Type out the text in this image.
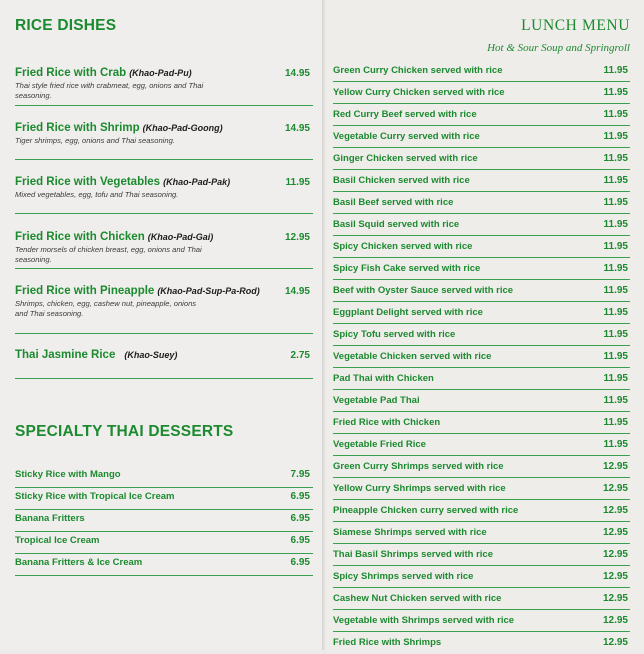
RICE DISHES
Fried Rice with Crab (Khao-Pad-Pu)
Thai style fried rice with crabmeat, egg, onions and Thai seasoning.
14.95
Fried Rice with Shrimp (Khao-Pad-Goong)
Tiger shrimps, egg, onions and Thai seasoning.
14.95
Fried Rice with Vegetables (Khao-Pad-Pak)
Mixed vegetables, egg, tofu and Thai seasoning.
11.95
Fried Rice with Chicken (Khao-Pad-Gai)
Tender morsels of chicken breast, egg, onions and Thai seasoning.
12.95
Fried Rice with Pineapple (Khao-Pad-Sup-Pa-Rod)
Shrimps, chicken, egg, cashew nut, pineapple, onions and Thai seasoning.
14.95
Thai Jasmine Rice (Khao-Suey)	2.75
SPECIALTY THAI DESSERTS
Sticky Rice with Mango	7.95
Sticky Rice with Tropical Ice Cream	6.95
Banana Fritters	6.95
Tropical Ice Cream	6.95
Banana Fritters & Ice Cream	6.95
LUNCH MENU
Hot & Sour Soup and Springroll
Green Curry Chicken served with rice	11.95
Yellow Curry Chicken served with rice	11.95
Red Curry Beef served with rice	11.95
Vegetable Curry served with rice	11.95
Ginger Chicken served with rice	11.95
Basil Chicken served with rice	11.95
Basil Beef served with rice	11.95
Basil Squid served with rice	11.95
Spicy Chicken served with rice	11.95
Spicy Fish Cake served with rice	11.95
Beef with Oyster Sauce served with rice	11.95
Eggplant Delight served with rice	11.95
Spicy Tofu served with rice	11.95
Vegetable Chicken served with rice	11.95
Pad Thai with Chicken	11.95
Vegetable Pad Thai	11.95
Fried Rice with Chicken	11.95
Vegetable Fried Rice	11.95
Green Curry Shrimps served with rice	12.95
Yellow Curry Shrimps served with rice	12.95
Pineapple Chicken curry served with rice	12.95
Siamese Shrimps served with rice	12.95
Thai Basil Shrimps served with rice	12.95
Spicy Shrimps served with rice	12.95
Cashew Nut Chicken served with rice	12.95
Vegetable with Shrimps served with rice	12.95
Fried Rice with Shrimps	12.95
